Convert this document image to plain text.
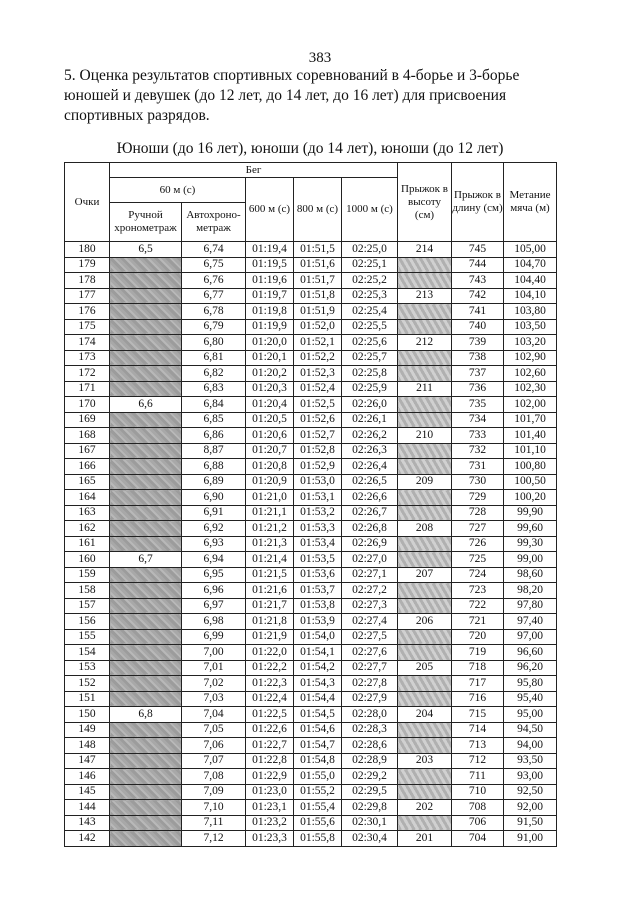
383
5. Оценка результатов спортивных соревнований в 4-борье и 3-борье юношей и девушек (до 12 лет, до 14 лет, до 16 лет) для присвоения спортивных разрядов.
Юноши (до 16 лет), юноши (до 14 лет), юноши (до 12 лет)
Очки	Бег					Прыжок в высоту (см)	Прыжок в длину (см)	Метание мяча (м)
	60 м (с)		600 м (с)	800 м (с)	1000 м (с)			
	Ручной хронометраж	Автохроно-метраж						
180	6,5	6,74	01:19,4	01:51,5	02:25,0	214	745	105,00
179		6,75	01:19,5	01:51,6	02:25,1		744	104,70
178		6,76	01:19,6	01:51,7	02:25,2		743	104,40
177		6,77	01:19,7	01:51,8	02:25,3	213	742	104,10
176		6,78	01:19,8	01:51,9	02:25,4		741	103,80
175		6,79	01:19,9	01:52,0	02:25,5		740	103,50
174		6,80	01:20,0	01:52,1	02:25,6	212	739	103,20
173		6,81	01:20,1	01:52,2	02:25,7		738	102,90
172		6,82	01:20,2	01:52,3	02:25,8		737	102,60
171		6,83	01:20,3	01:52,4	02:25,9	211	736	102,30
170	6,6	6,84	01:20,4	01:52,5	02:26,0		735	102,00
169		6,85	01:20,5	01:52,6	02:26,1		734	101,70
168		6,86	01:20,6	01:52,7	02:26,2	210	733	101,40
167		8,87	01:20,7	01:52,8	02:26,3		732	101,10
166		6,88	01:20,8	01:52,9	02:26,4		731	100,80
165		6,89	01:20,9	01:53,0	02:26,5	209	730	100,50
164		6,90	01:21,0	01:53,1	02:26,6		729	100,20
163		6,91	01:21,1	01:53,2	02:26,7		728	99,90
162		6,92	01:21,2	01:53,3	02:26,8	208	727	99,60
161		6,93	01:21,3	01:53,4	02:26,9		726	99,30
160	6,7	6,94	01:21,4	01:53,5	02:27,0		725	99,00
159		6,95	01:21,5	01:53,6	02:27,1	207	724	98,60
158		6,96	01:21,6	01:53,7	02:27,2		723	98,20
157		6,97	01:21,7	01:53,8	02:27,3		722	97,80
156		6,98	01:21,8	01:53,9	02:27,4	206	721	97,40
155		6,99	01:21,9	01:54,0	02:27,5		720	97,00
154		7,00	01:22,0	01:54,1	02:27,6		719	96,60
153		7,01	01:22,2	01:54,2	02:27,7	205	718	96,20
152		7,02	01:22,3	01:54,3	02:27,8		717	95,80
151		7,03	01:22,4	01:54,4	02:27,9		716	95,40
150	6,8	7,04	01:22,5	01:54,5	02:28,0	204	715	95,00
149		7,05	01:22,6	01:54,6	02:28,3		714	94,50
148		7,06	01:22,7	01:54,7	02:28,6		713	94,00
147		7,07	01:22,8	01:54,8	02:28,9	203	712	93,50
146		7,08	01:22,9	01:55,0	02:29,2		711	93,00
145		7,09	01:23,0	01:55,2	02:29,5		710	92,50
144		7,10	01:23,1	01:55,4	02:29,8	202	708	92,00
143		7,11	01:23,2	01:55,6	02:30,1		706	91,50
142		7,12	01:23,3	01:55,8	02:30,4	201	704	91,00
